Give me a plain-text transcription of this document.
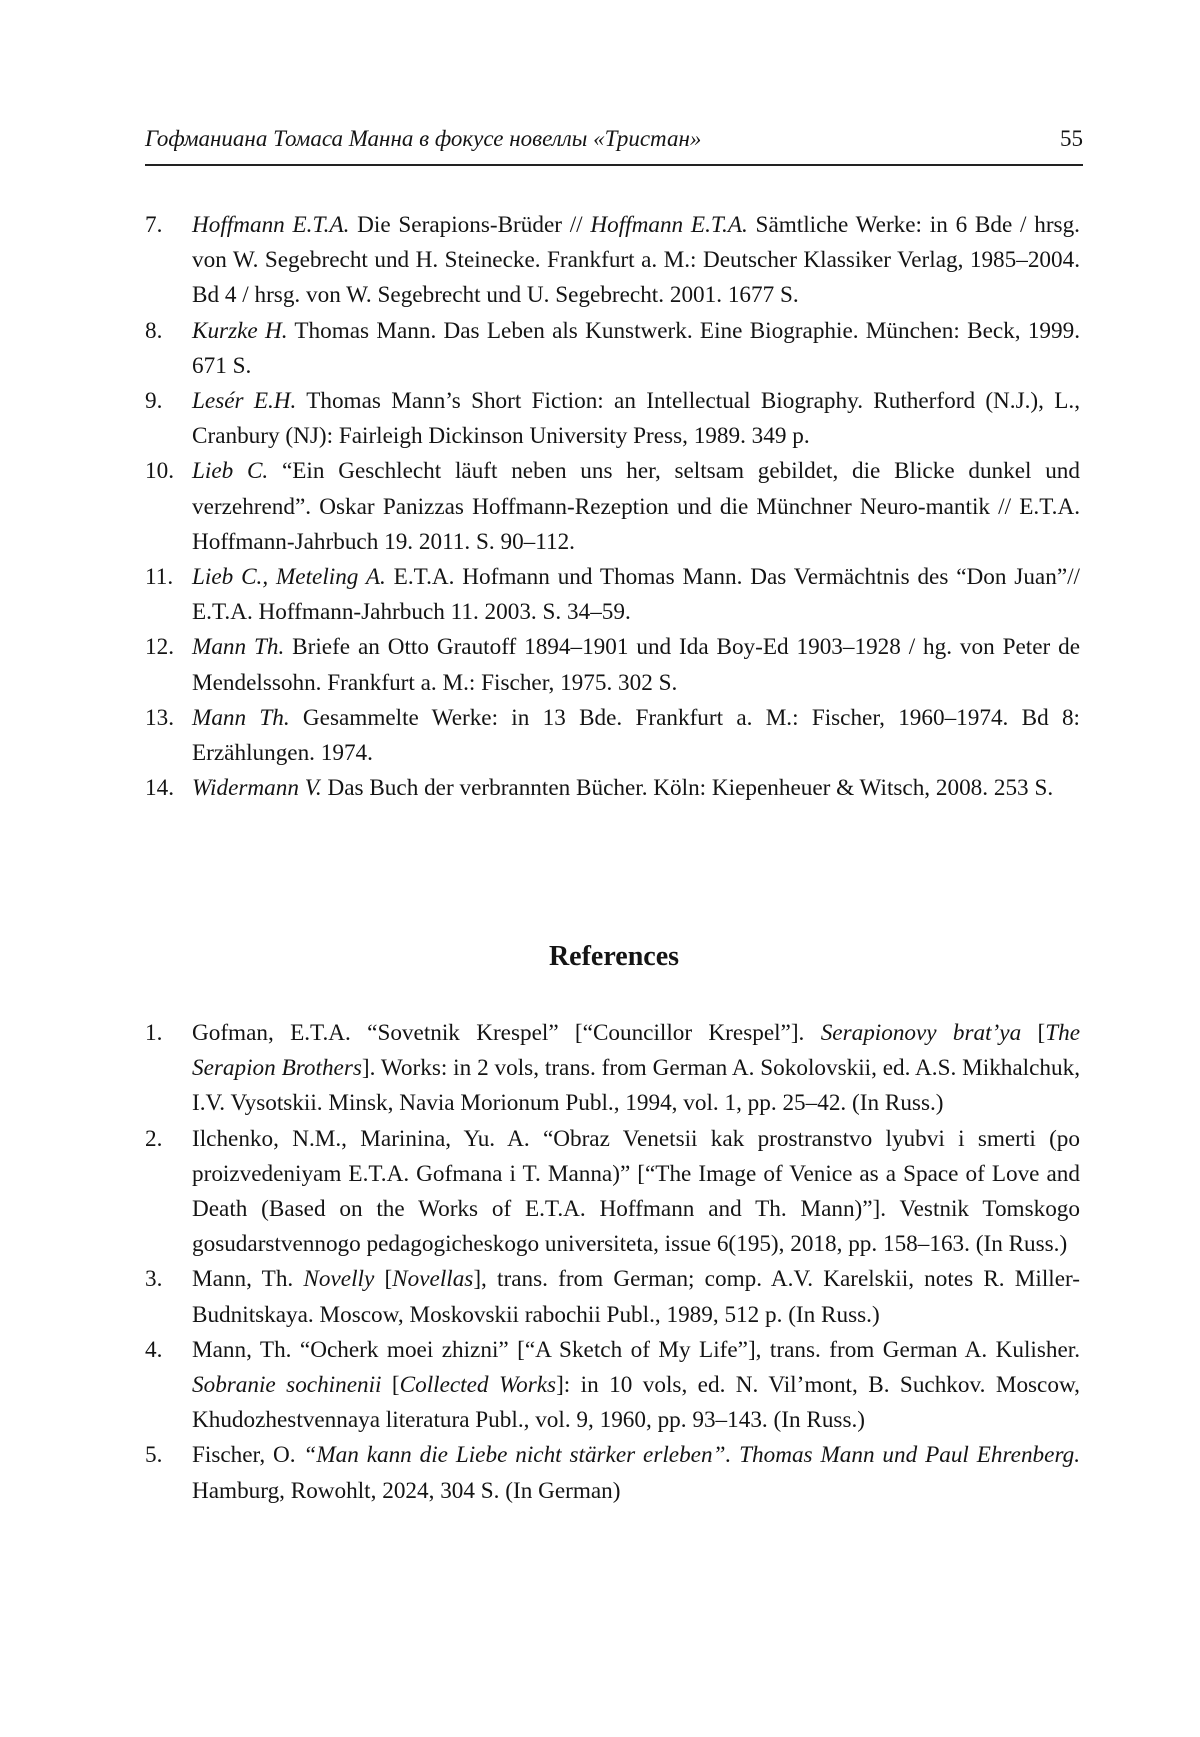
Гофманиана Томаса Манна в фокусе новеллы «Тристан»	55
7. Hoffmann E.T.A. Die Serapions-Brüder // Hoffmann E.T.A. Sämtliche Werke: in 6 Bde / hrsg. von W. Segebrecht und H. Steinecke. Frankfurt a. M.: Deutscher Klassiker Verlag, 1985–2004. Bd 4 / hrsg. von W. Segebrecht und U. Segebrecht. 2001. 1677 S.
8. Kurzke H. Thomas Mann. Das Leben als Kunstwerk. Eine Biographie. München: Beck, 1999. 671 S.
9. Lesér E.H. Thomas Mann’s Short Fiction: an Intellectual Biography. Rutherford (N.J.), L., Cranbury (NJ): Fairleigh Dickinson University Press, 1989. 349 p.
10. Lieb C. “Ein Geschlecht läuft neben uns her, seltsam gebildet, die Blicke dunkel und verzehrend”. Oskar Panizzas Hoffmann-Rezeption und die Münchner Neuro-mantik // E.T.A. Hoffmann-Jahrbuch 19. 2011. S. 90–112.
11. Lieb C., Meteling A. E.T.A. Hofmann und Thomas Mann. Das Vermächtnis des “Don Juan”// E.T.A. Hoffmann-Jahrbuch 11. 2003. S. 34–59.
12. Mann Th. Briefe an Otto Grautoff 1894–1901 und Ida Boy-Ed 1903–1928 / hg. von Peter de Mendelssohn. Frankfurt a. M.: Fischer, 1975. 302 S.
13. Mann Th. Gesammelte Werke: in 13 Bde. Frankfurt a. M.: Fischer, 1960–1974. Bd 8: Erzählungen. 1974.
14. Widermann V. Das Buch der verbrannten Bücher. Köln: Kiepenheuer & Witsch, 2008. 253 S.
References
1. Gofman, E.T.A. “Sovetnik Krespel” [“Councillor Krespel”]. Serapionovy brat’ya [The Serapion Brothers]. Works: in 2 vols, trans. from German A. Sokolovskii, ed. A.S. Mikhalchuk, I.V. Vysotskii. Minsk, Navia Morionum Publ., 1994, vol. 1, pp. 25–42. (In Russ.)
2. Ilchenko, N.M., Marinina, Yu. A. “Obraz Venetsii kak prostranstvo lyubvi i smerti (po proizvedeniyam E.T.A. Gofmana i T. Manna)” [“The Image of Venice as a Space of Love and Death (Based on the Works of E.T.A. Hoffmann and Th. Mann)”]. Vestnik Tomskogo gosudarstvennogo pedagogicheskogo universiteta, issue 6(195), 2018, pp. 158–163. (In Russ.)
3. Mann, Th. Novelly [Novellas], trans. from German; comp. A.V. Karelskii, notes R. Miller-Budnitskaya. Moscow, Moskovskii rabochii Publ., 1989, 512 p. (In Russ.)
4. Mann, Th. “Ocherk moei zhizni” [“A Sketch of My Life”], trans. from German A. Kulisher. Sobranie sochinenii [Collected Works]: in 10 vols, ed. N. Vil’mont, B. Suchkov. Moscow, Khudozhestvennaya literatura Publ., vol. 9, 1960, pp. 93–143. (In Russ.)
5. Fischer, O. “Man kann die Liebe nicht stärker erleben”. Thomas Mann und Paul Ehrenberg. Hamburg, Rowohlt, 2024, 304 S. (In German)
